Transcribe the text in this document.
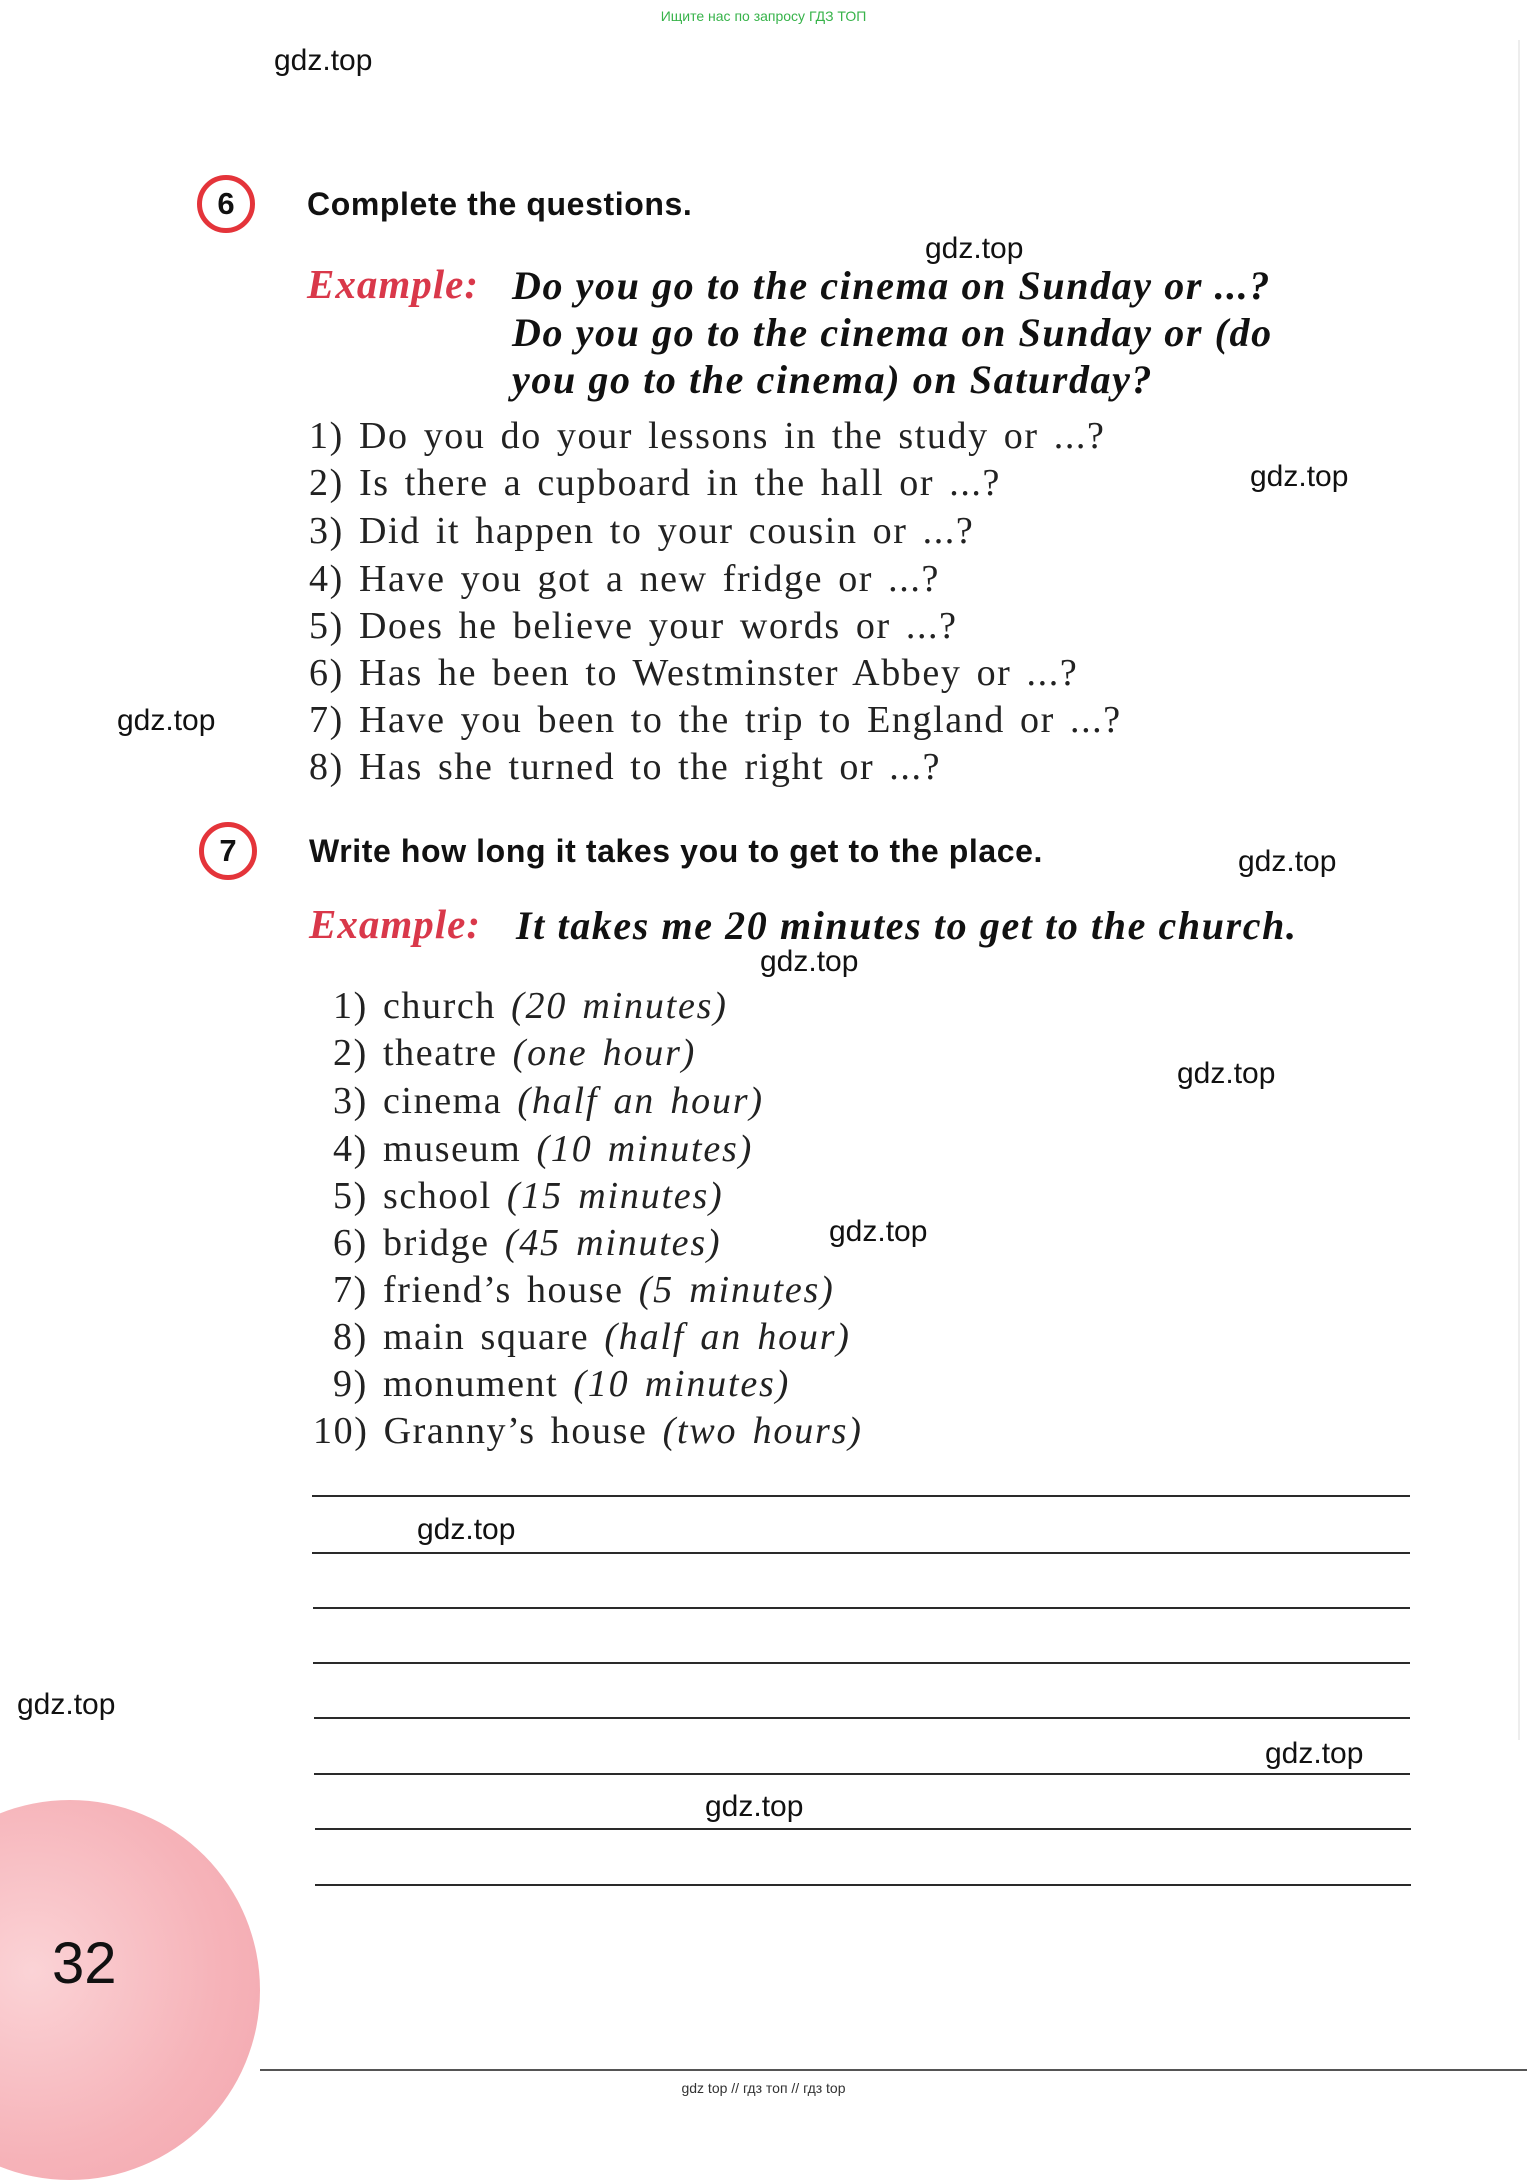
Ищите нас по запросу ГДЗ ТОП
gdz.top
gdz.top
gdz.top
gdz.top
gdz.top
gdz.top
gdz.top
gdz.top
gdz.top
gdz.top
gdz.top
gdz.top
6	Complete the questions.
Example: Do you go to the cinema on Sunday or ...?
Do you go to the cinema on Sunday or (do
you go to the cinema) on Saturday?
1) Do you do your lessons in the study or ...?
2) Is there a cupboard in the hall or ...?
3) Did it happen to your cousin or ...?
4) Have you got a new fridge or ...?
5) Does he believe your words or ...?
6) Has he been to Westminster Abbey or ...?
7) Have you been to the trip to England or ...?
8) Has she turned to the right or ...?
7	Write how long it takes you to get to the place.
Example: It takes me 20 minutes to get to the church.
1) church (20 minutes)
2) theatre (one hour)
3) cinema (half an hour)
4) museum (10 minutes)
5) school (15 minutes)
6) bridge (45 minutes)
7) friend’s house (5 minutes)
8) main square (half an hour)
9) monument (10 minutes)
10) Granny’s house (two hours)
32
gdz top // гдз топ // гдз top
